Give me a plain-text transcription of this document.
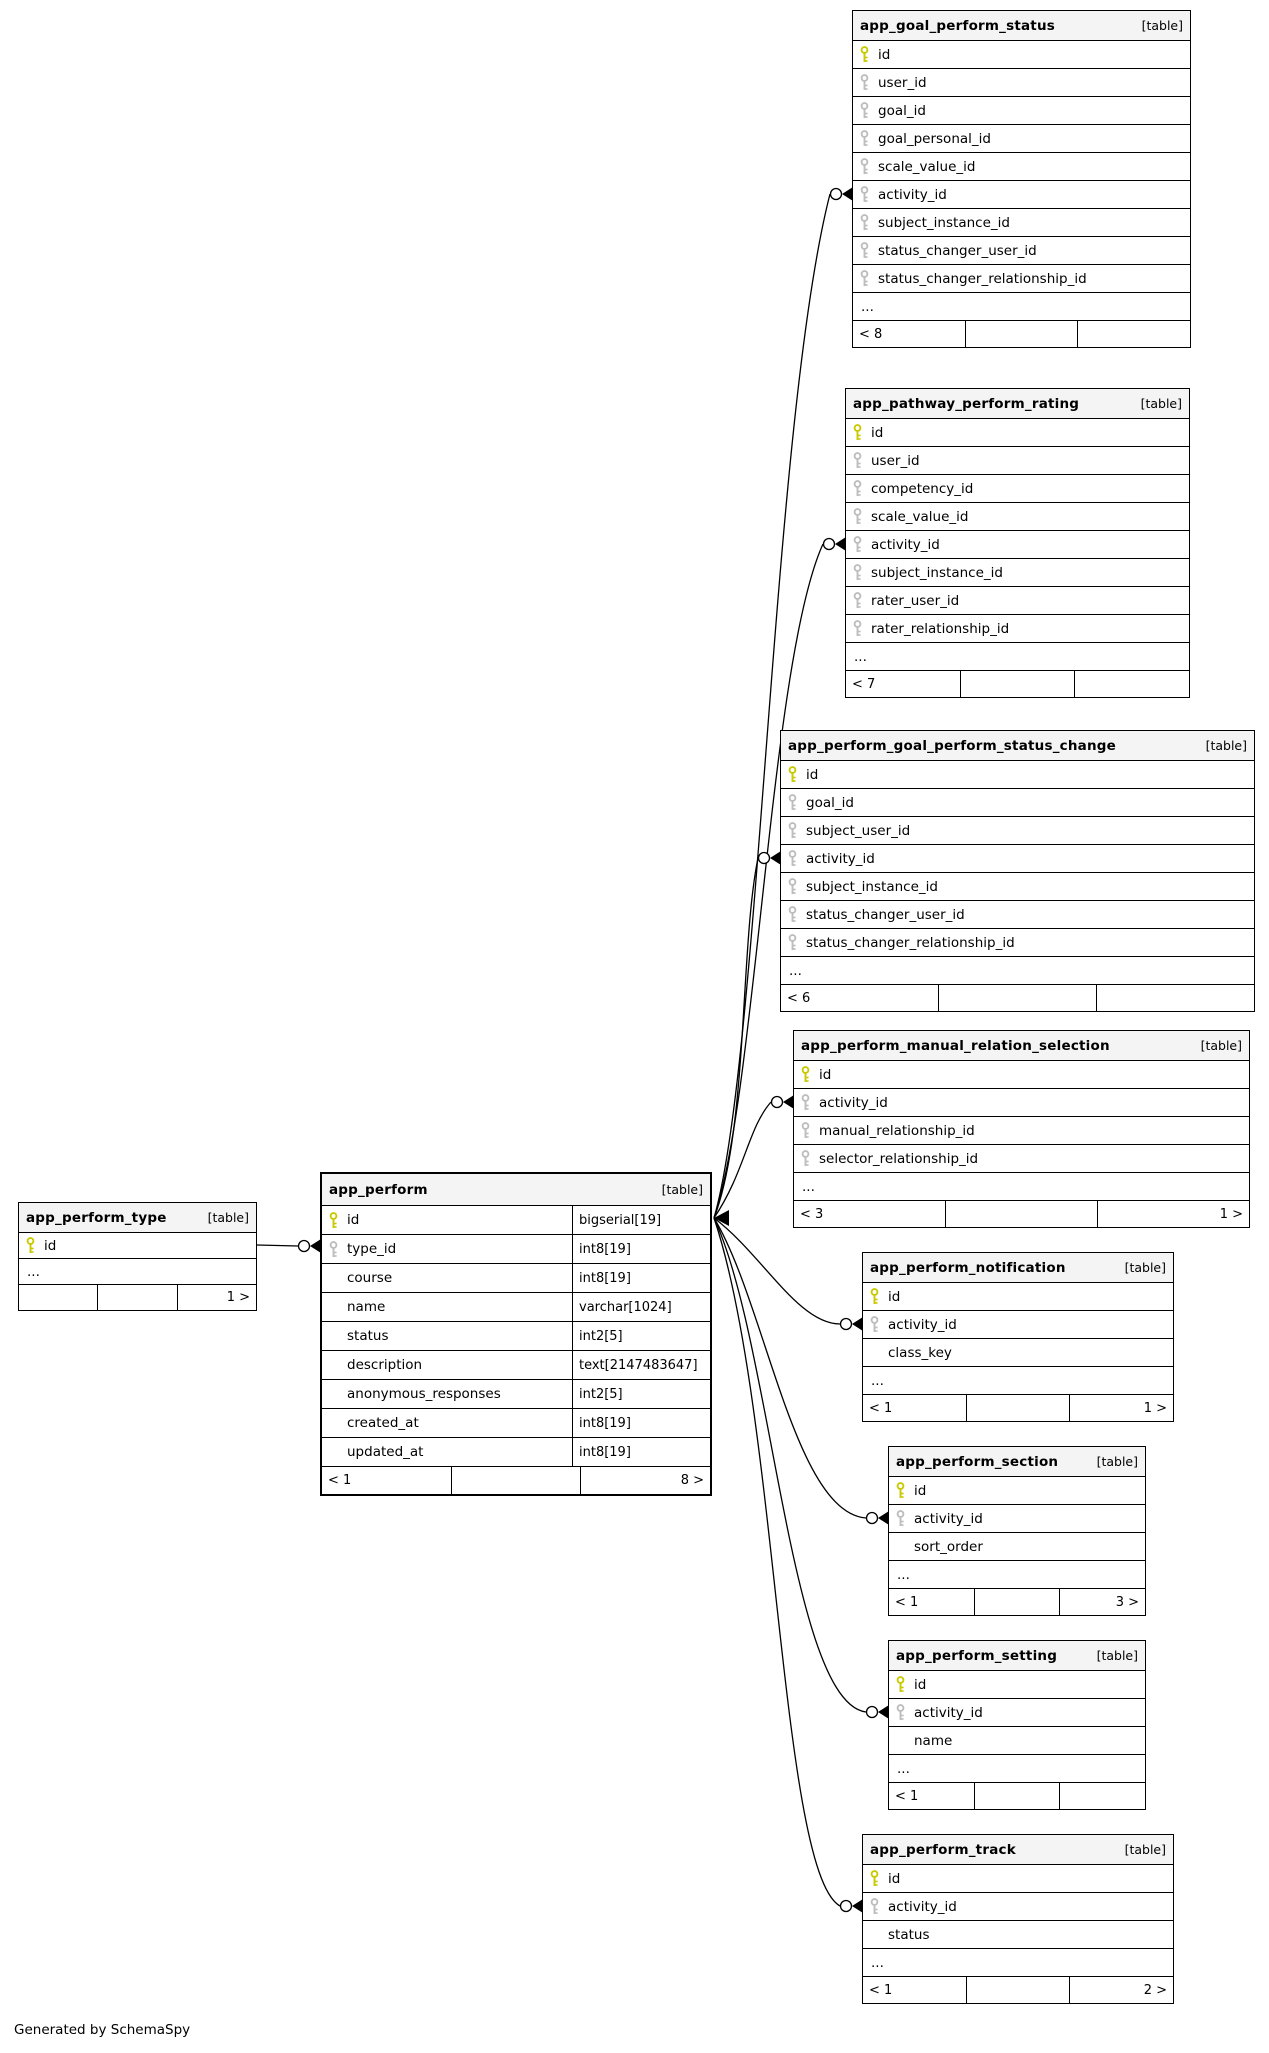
app_goal_perform_status	[table]
id
user_id
goal_id
goal_personal_id
scale_value_id
activity_id
subject_instance_id
status_changer_user_id
status_changer_relationship_id
...
< 8
app_pathway_perform_rating	[table]
id
user_id
competency_id
scale_value_id
activity_id
subject_instance_id
rater_user_id
rater_relationship_id
...
< 7
app_perform_goal_perform_status_change	[table]
id
goal_id
subject_user_id
activity_id
subject_instance_id
status_changer_user_id
status_changer_relationship_id
...
< 6
app_perform_manual_relation_selection	[table]
id
activity_id
manual_relationship_id
selector_relationship_id
...
< 3	1 >
app_perform_notification	[table]
id
activity_id
class_key
...
< 1	1 >
app_perform_section	[table]
id
activity_id
sort_order
...
< 1	3 >
app_perform_setting	[table]
id
activity_id
name
...
< 1
app_perform_track	[table]
id
activity_id
status
...
< 1	2 >
app_perform	[table]
id	bigserial[19]
type_id	int8[19]
course	int8[19]
name	varchar[1024]
status	int2[5]
description	text[2147483647]
anonymous_responses	int2[5]
created_at	int8[19]
updated_at	int8[19]
< 1	8 >
app_perform_type	[table]
id
...
1 >
Generated by SchemaSpy
